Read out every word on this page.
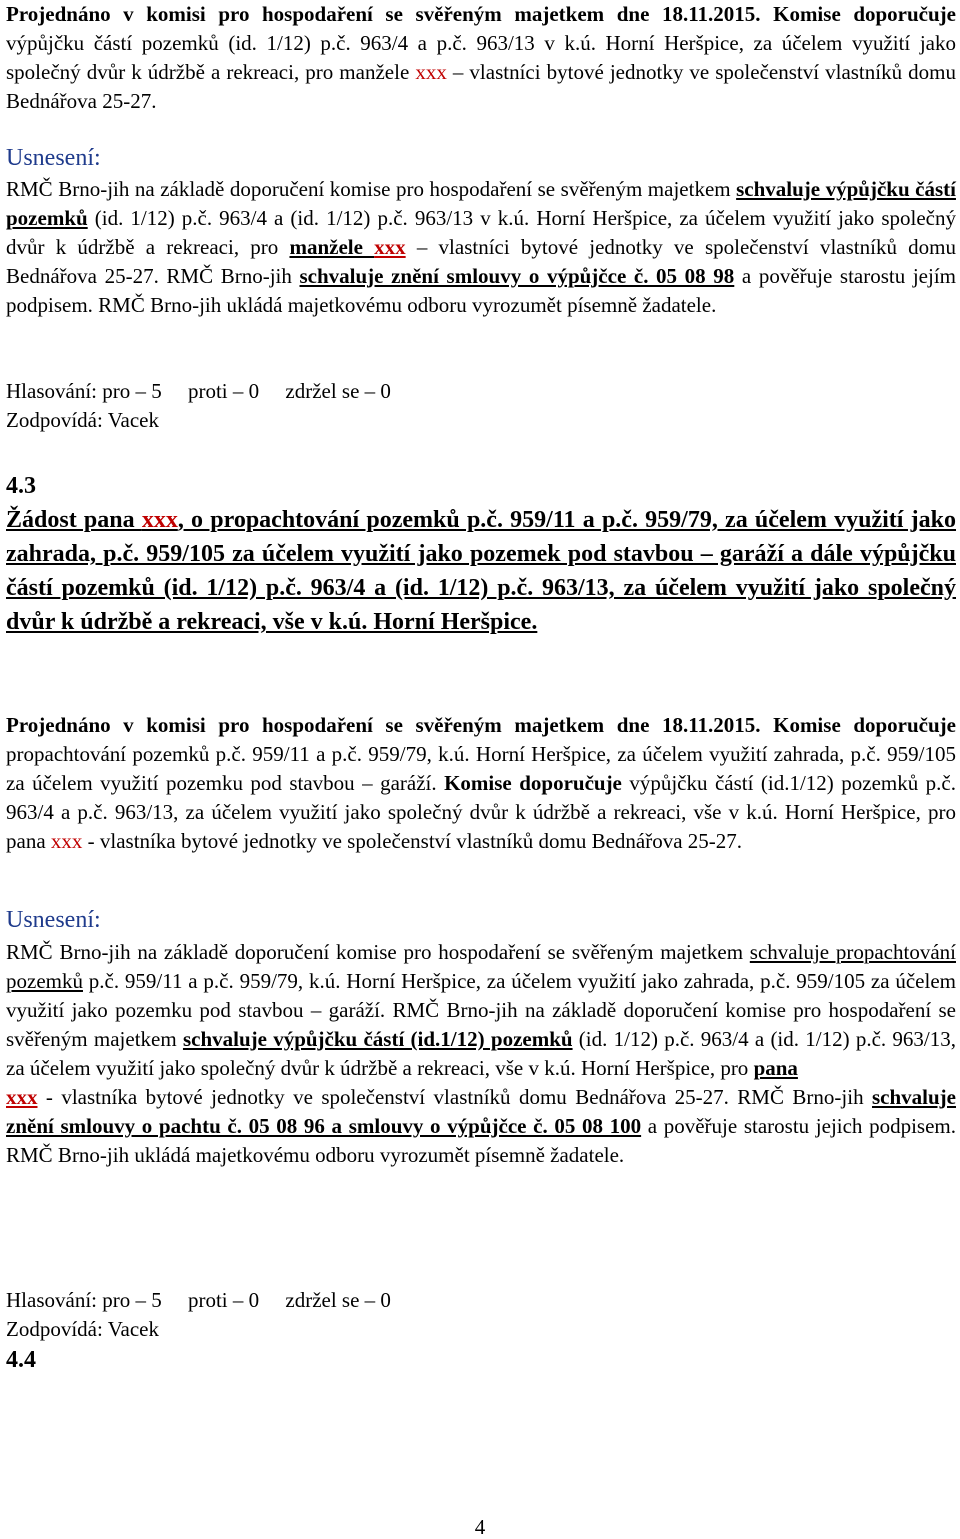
Projednáno v komisi pro hospodaření se svěřeným majetkem dne 18.11.2015. Komise doporučuje výpůjčku částí pozemků (id. 1/12) p.č. 963/4 a p.č. 963/13 v k.ú. Horní Heršpice, za účelem využití jako společný dvůr k údržbě a rekreaci, pro manžele xxx – vlastníci bytové jednotky ve společenství vlastníků domu Bednářova 25-27.

Usnesení:

RMČ Brno-jih na základě doporučení komise pro hospodaření se svěřeným majetkem schvaluje výpůjčku částí pozemků (id. 1/12) p.č. 963/4 a (id. 1/12) p.č. 963/13 v k.ú. Horní Heršpice, za účelem využití jako společný dvůr k údržbě a rekreaci, pro manžele xxx – vlastníci bytové jednotky ve společenství vlastníků domu Bednářova 25-27. RMČ Brno-jih schvaluje znění smlouvy o výpůjčce č. 05 08 98 a pověřuje starostu jejím podpisem. RMČ Brno-jih ukládá majetkovému odboru vyrozumět písemně žadatele.

Hlasování: pro – 5     proti – 0     zdržel se – 0

Zodpovídá: Vacek

4.3

Žádost pana xxx, o propachtování pozemků p.č. 959/11 a p.č. 959/79, za účelem využití jako zahrada, p.č. 959/105 za účelem využití jako pozemek pod stavbou – garáží a dále výpůjčku částí pozemků (id. 1/12) p.č. 963/4 a (id. 1/12) p.č. 963/13, za účelem využití jako společný dvůr k údržbě a rekreaci, vše v k.ú. Horní Heršpice.

Projednáno v komisi pro hospodaření se svěřeným majetkem dne 18.11.2015. Komise doporučuje propachtování pozemků p.č. 959/11 a p.č. 959/79, k.ú. Horní Heršpice, za účelem využití zahrada, p.č. 959/105 za účelem využití pozemku pod stavbou – garáží. Komise doporučuje výpůjčku částí (id.1/12) pozemků p.č. 963/4 a p.č. 963/13, za účelem využití jako společný dvůr k údržbě a rekreaci, vše v k.ú. Horní Heršpice, pro pana xxx - vlastníka bytové jednotky ve společenství vlastníků domu Bednářova 25-27.

Usnesení:

RMČ Brno-jih na základě doporučení komise pro hospodaření se svěřeným majetkem schvaluje propachtování pozemků p.č. 959/11 a p.č. 959/79, k.ú. Horní Heršpice, za účelem využití jako zahrada, p.č. 959/105 za účelem využití jako pozemku pod stavbou – garáží. RMČ Brno-jih na základě doporučení komise pro hospodaření se svěřeným majetkem schvaluje výpůjčku částí (id.1/12) pozemků (id. 1/12) p.č. 963/4 a (id. 1/12) p.č. 963/13, za účelem využití jako společný dvůr k údržbě a rekreaci, vše v k.ú. Horní Heršpice, pro pana
xxx - vlastníka bytové jednotky ve společenství vlastníků domu Bednářova 25-27. RMČ Brno-jih schvaluje znění smlouvy o pachtu č. 05 08 96 a smlouvy o výpůjčce č. 05 08 100 a pověřuje starostu jejich podpisem. RMČ Brno-jih ukládá majetkovému odboru vyrozumět písemně žadatele.

Hlasování: pro – 5     proti – 0     zdržel se – 0

Zodpovídá: Vacek

4.4

4
